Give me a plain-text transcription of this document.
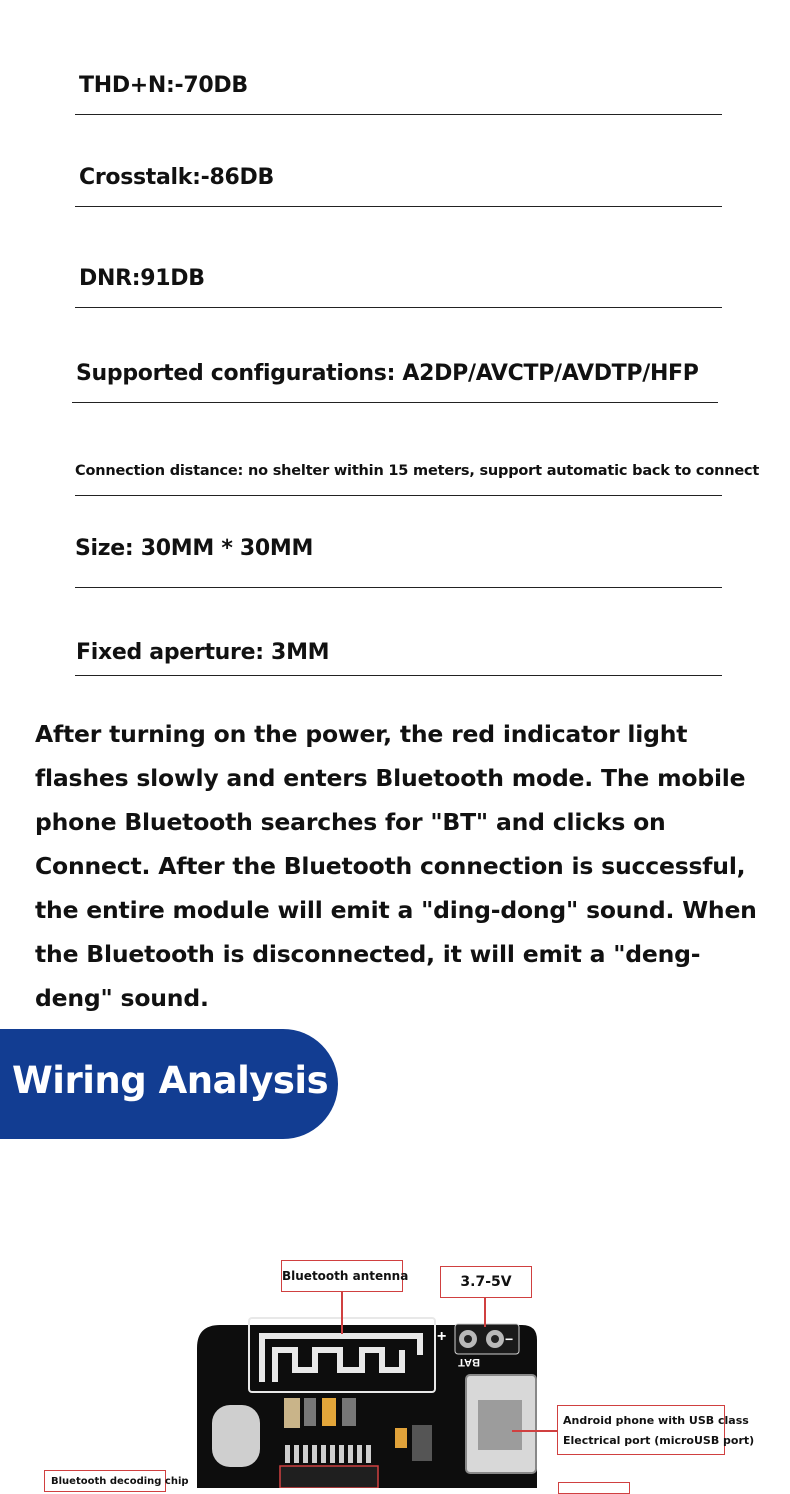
THD+N:-70DB
Crosstalk:-86DB
DNR:91DB
Supported configurations: A2DP/AVCTP/AVDTP/HFP
Connection distance: no shelter within 15 meters, support automatic back to connect
Size: 30MM * 30MM
Fixed aperture: 3MM
After turning on the power, the red indicator light flashes slowly and enters Bluetooth mode. The mobile phone Bluetooth searches for "BT" and clicks on Connect. After the Bluetooth connection is successful, the entire module will emit a "ding-dong" sound. When the Bluetooth is disconnected, it will emit a "deng-deng" sound.
Wiring Analysis
+	−
BAT
Bluetooth antenna	3.7-5V
Android phone with USB class
Electrical port (microUSB port)
Bluetooth decoding chip
